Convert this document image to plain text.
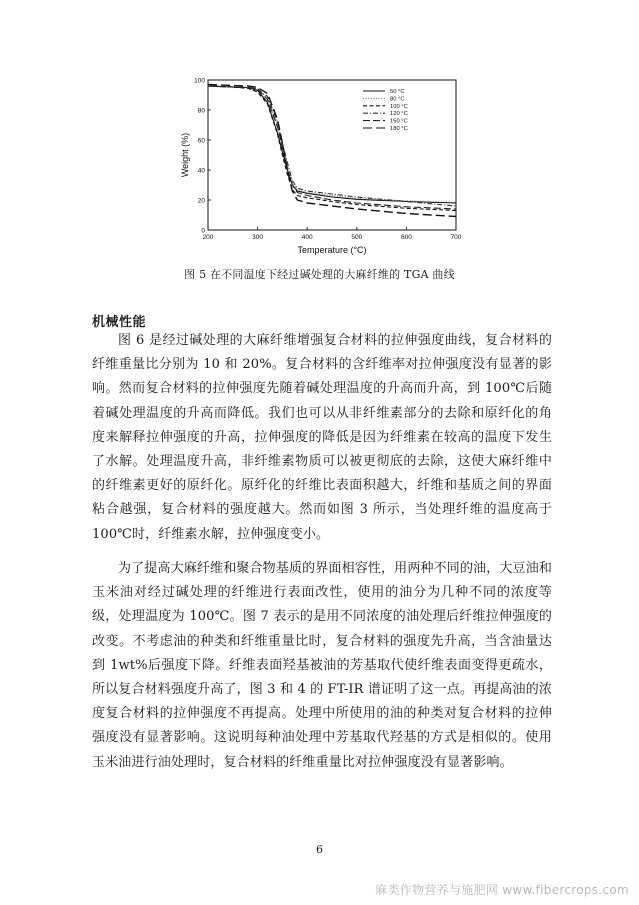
200	300	400	500	600	700
0
20
40
60
80
100
Temperature (°C)
Weight (%)
50 °C
80 °C
100 °C
120 °C
150 °C
180 °C
图 5 在不同温度下经过碱处理的大麻纤维的 TGA 曲线
机械性能
图 6 是经过碱处理的大麻纤维增强复合材料的拉伸强度曲线，复合材料的纤维重量比分别为 10 和 20%。复合材料的含纤维率对拉伸强度没有显著的影响。然而复合材料的拉伸强度先随着碱处理温度的升高而升高，到 100℃后随着碱处理温度的升高而降低。我们也可以从非纤维素部分的去除和原纤化的角度来解释拉伸强度的升高，拉伸强度的降低是因为纤维素在较高的温度下发生了水解。处理温度升高，非纤维素物质可以被更彻底的去除，这使大麻纤维中的纤维素更好的原纤化。原纤化的纤维比表面积越大，纤维和基质之间的界面粘合越强，复合材料的强度越大。然而如图 3 所示，当处理纤维的温度高于 100℃时，纤维素水解，拉伸强度变小。
为了提高大麻纤维和聚合物基质的界面相容性，用两种不同的油，大豆油和玉米油对经过碱处理的纤维进行表面改性，使用的油分为几种不同的浓度等级，处理温度为 100℃。图 7 表示的是用不同浓度的油处理后纤维拉伸强度的改变。不考虑油的种类和纤维重量比时，复合材料的强度先升高，当含油量达到 1wt%后强度下降。纤维表面羟基被油的芳基取代使纤维表面变得更疏水，所以复合材料强度升高了，图 3 和 4 的 FT-IR 谱证明了这一点。再提高油的浓度复合材料的拉伸强度不再提高。处理中所使用的油的种类对复合材料的拉伸强度没有显著影响。这说明每种油处理中芳基取代羟基的方式是相似的。使用玉米油进行油处理时，复合材料的纤维重量比对拉伸强度没有显著影响。
6
麻类作物营养与施肥网 www.fibercrops.com
